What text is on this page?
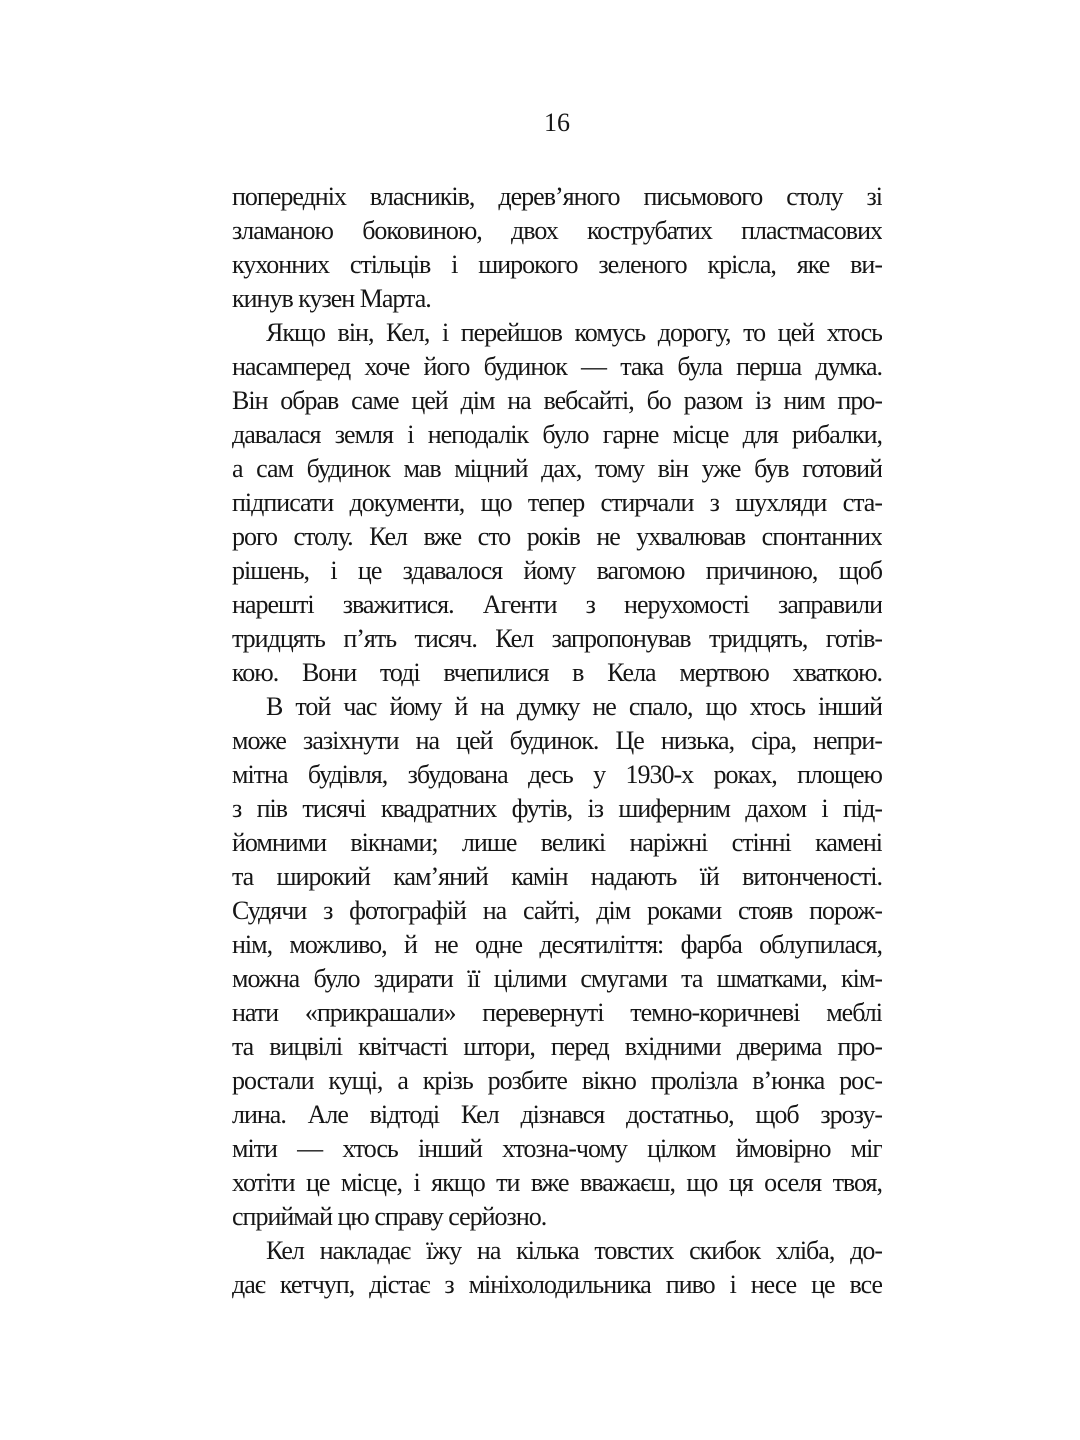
16
попередніх власників, дерев’яного письмового столу зі
зламаною боковиною, двох кострубатих пластмасових
кухонних стільців і широкого зеленого крісла, яке ви-
кинув кузен Марта.
Якщо він, Кел, і перейшов комусь дорогу, то цей хтось
насамперед хоче його будинок — така була перша думка.
Він обрав саме цей дім на вебсайті, бо разом із ним про-
давалася земля і неподалік було гарне місце для рибалки,
а сам будинок мав міцний дах, тому він уже був готовий
підписати документи, що тепер стирчали з шухляди ста-
рого столу. Кел вже сто років не ухвалював спонтанних
рішень, і це здавалося йому вагомою причиною, щоб
нарешті зважитися. Агенти з нерухомості заправили
тридцять п’ять тисяч. Кел запропонував тридцять, готів-
кою. Вони тоді вчепилися в Кела мертвою хваткою.
В той час йому й на думку не спало, що хтось інший
може зазіхнути на цей будинок. Це низька, сіра, непри-
мітна будівля, збудована десь у 1930-х роках, площею
з пів тисячі квадратних футів, із шиферним дахом і під-
йомними вікнами; лише великі наріжні стінні камені
та широкий кам’яний камін надають їй витонченості.
Судячи з фотографій на сайті, дім роками стояв порож-
нім, можливо, й не одне десятиліття: фарба облупилася,
можна було здирати її цілими смугами та шматками, кім-
нати «прикрашали» перевернуті темно-коричневі меблі
та вицвілі квітчасті штори, перед вхідними дверима про-
ростали кущі, а крізь розбите вікно пролізла в’юнка рос-
лина. Але відтоді Кел дізнався достатньо, щоб зрозу-
міти — хтось інший хтозна-чому цілком ймовірно міг
хотіти це місце, і якщо ти вже вважаєш, що ця оселя твоя,
сприймай цю справу серйозно.
Кел накладає їжу на кілька товстих скибок хліба, до-
дає кетчуп, дістає з мініхолодильника пиво і несе це все
